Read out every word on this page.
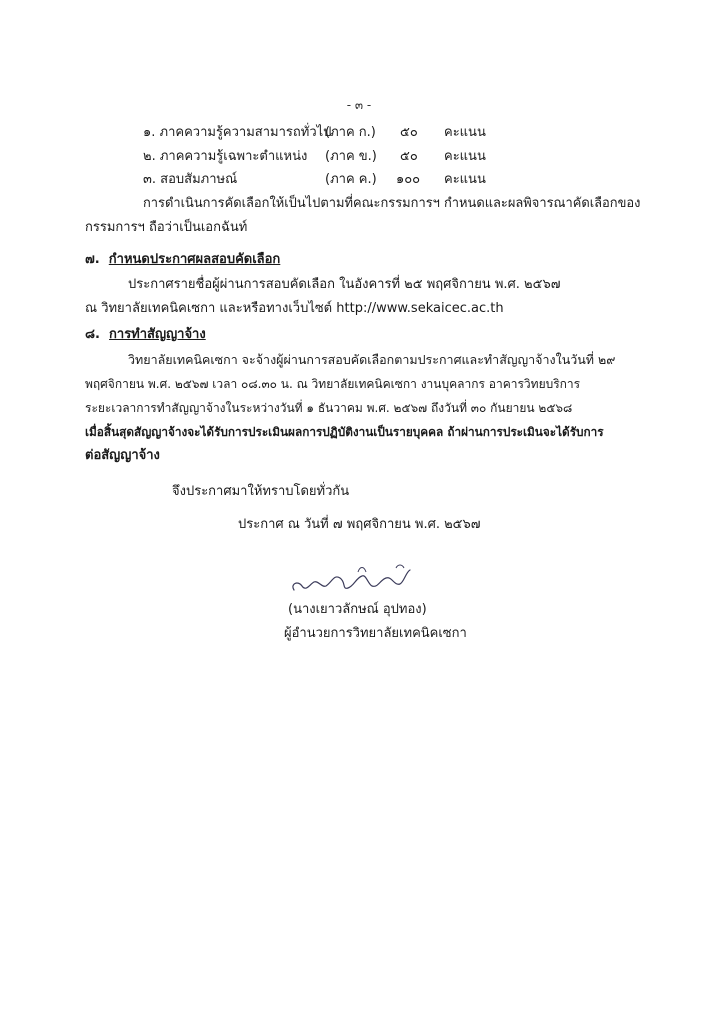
- ๓ -
๑. ภาคความรู้ความสามารถทั่วไป
(ภาค ก.) ๕๐ คะแนน
๒. ภาคความรู้เฉพาะตำแหน่ง (ภาค ข.) ๕๐ คะแนน
๓. สอบสัมภาษณ์	(ภาค ค.) ๑๐๐ คะแนน
การดำเนินการคัดเลือกให้เป็นไปตามที่คณะกรรมการฯ กำหนดและผลพิจารณาคัดเลือกของ
กรรมการฯ ถือว่าเป็นเอกฉันท์
๗. กำหนดประกาศผลสอบคัดเลือก
ประกาศรายชื่อผู้ผ่านการสอบคัดเลือก ในอังคารที่ ๒๕ พฤศจิกายน พ.ศ. ๒๕๖๗
ณ วิทยาลัยเทคนิคเซกา และหรือทางเว็บไซต์ http://www.sekaicec.ac.th
๘. การทำสัญญาจ้าง
วิทยาลัยเทคนิคเซกา จะจ้างผู้ผ่านการสอบคัดเลือกตามประกาศและทำสัญญาจ้างในวันที่ ๒๙
พฤศจิกายน พ.ศ. ๒๕๖๗ เวลา ๐๘.๓๐ น. ณ วิทยาลัยเทคนิคเซกา งานบุคลากร อาคารวิทยบริการ
ระยะเวลาการทำสัญญาจ้างในระหว่างวันที่ ๑ ธันวาคม พ.ศ. ๒๕๖๗ ถึงวันที่ ๓๐ กันยายน ๒๕๖๘
เมื่อสิ้นสุดสัญญาจ้างจะได้รับการประเมินผลการปฏิบัติงานเป็นรายบุคคล ถ้าผ่านการประเมินจะได้รับการ
ต่อสัญญาจ้าง
จึงประกาศมาให้ทราบโดยทั่วกัน
ประกาศ ณ วันที่ ๗ พฤศจิกายน พ.ศ. ๒๕๖๗
(นางเยาวลักษณ์ อุปทอง)
ผู้อำนวยการวิทยาลัยเทคนิคเซกา
